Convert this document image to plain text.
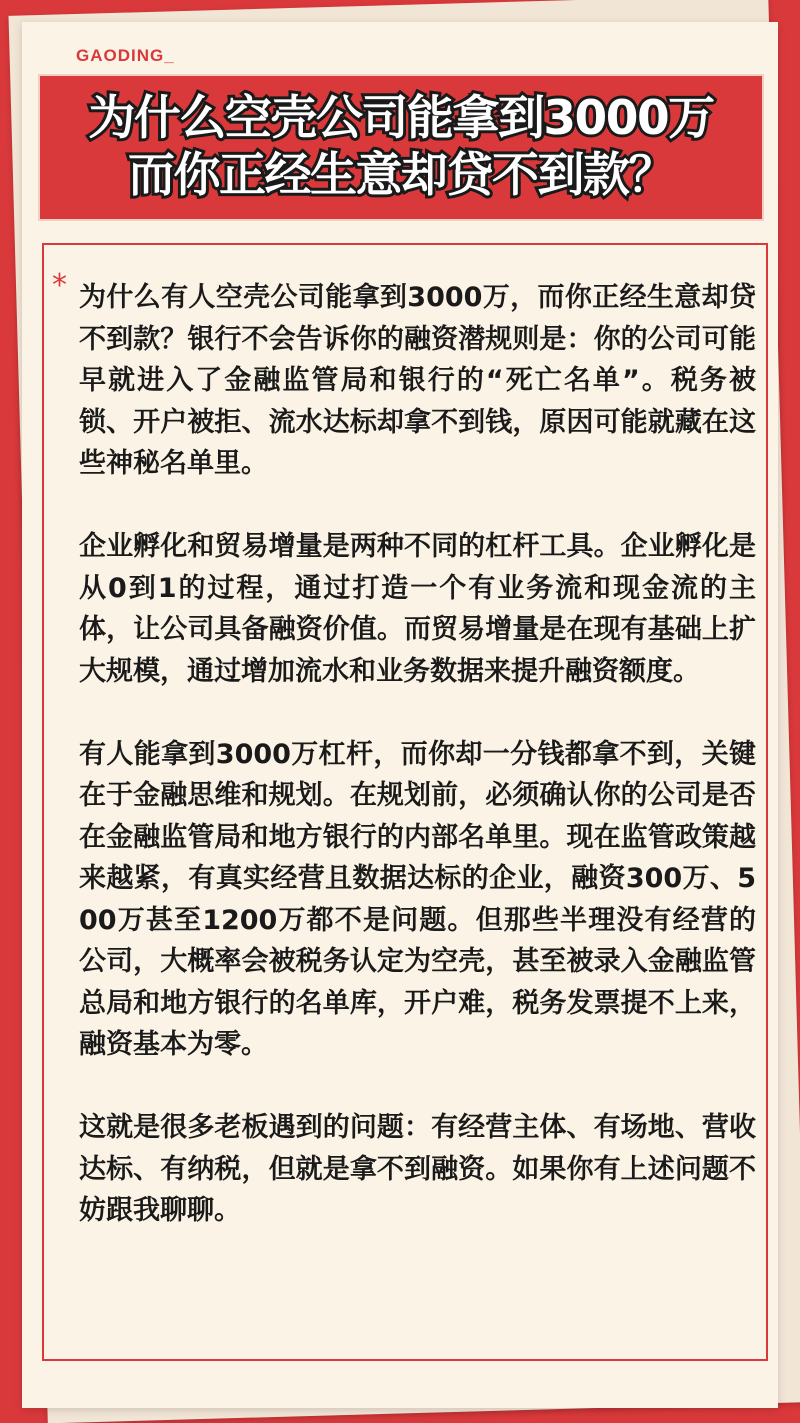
GAODING_
为什么空壳公司能拿到3000万
而你正经生意却贷不到款？
* 为什么有人空壳公司能拿到3000万，而你正经生意却贷不到款？银行不会告诉你的融资潜规则是：你的公司可能早就进入了金融监管局和银行的“死亡名单”。税务被锁、开户被拒、流水达标却拿不到钱，原因可能就藏在这些神秘名单里。

企业孵化和贸易增量是两种不同的杠杆工具。企业孵化是从0到1的过程，通过打造一个有业务流和现金流的主体，让公司具备融资价值。而贸易增量是在现有基础上扩大规模，通过增加流水和业务数据来提升融资额度。

有人能拿到3000万杠杆，而你却一分钱都拿不到，关键在于金融思维和规划。在规划前，必须确认你的公司是否在金融监管局和地方银行的内部名单里。现在监管政策越来越紧，有真实经营且数据达标的企业，融资300万、500万甚至1200万都不是问题。但那些半理没有经营的公司，大概率会被税务认定为空壳，甚至被录入金融监管总局和地方银行的名单库，开户难，税务发票提不上来，融资基本为零。

这就是很多老板遇到的问题：有经营主体、有场地、营收达标、有纳税，但就是拿不到融资。如果你有上述问题不妨跟我聊聊。
